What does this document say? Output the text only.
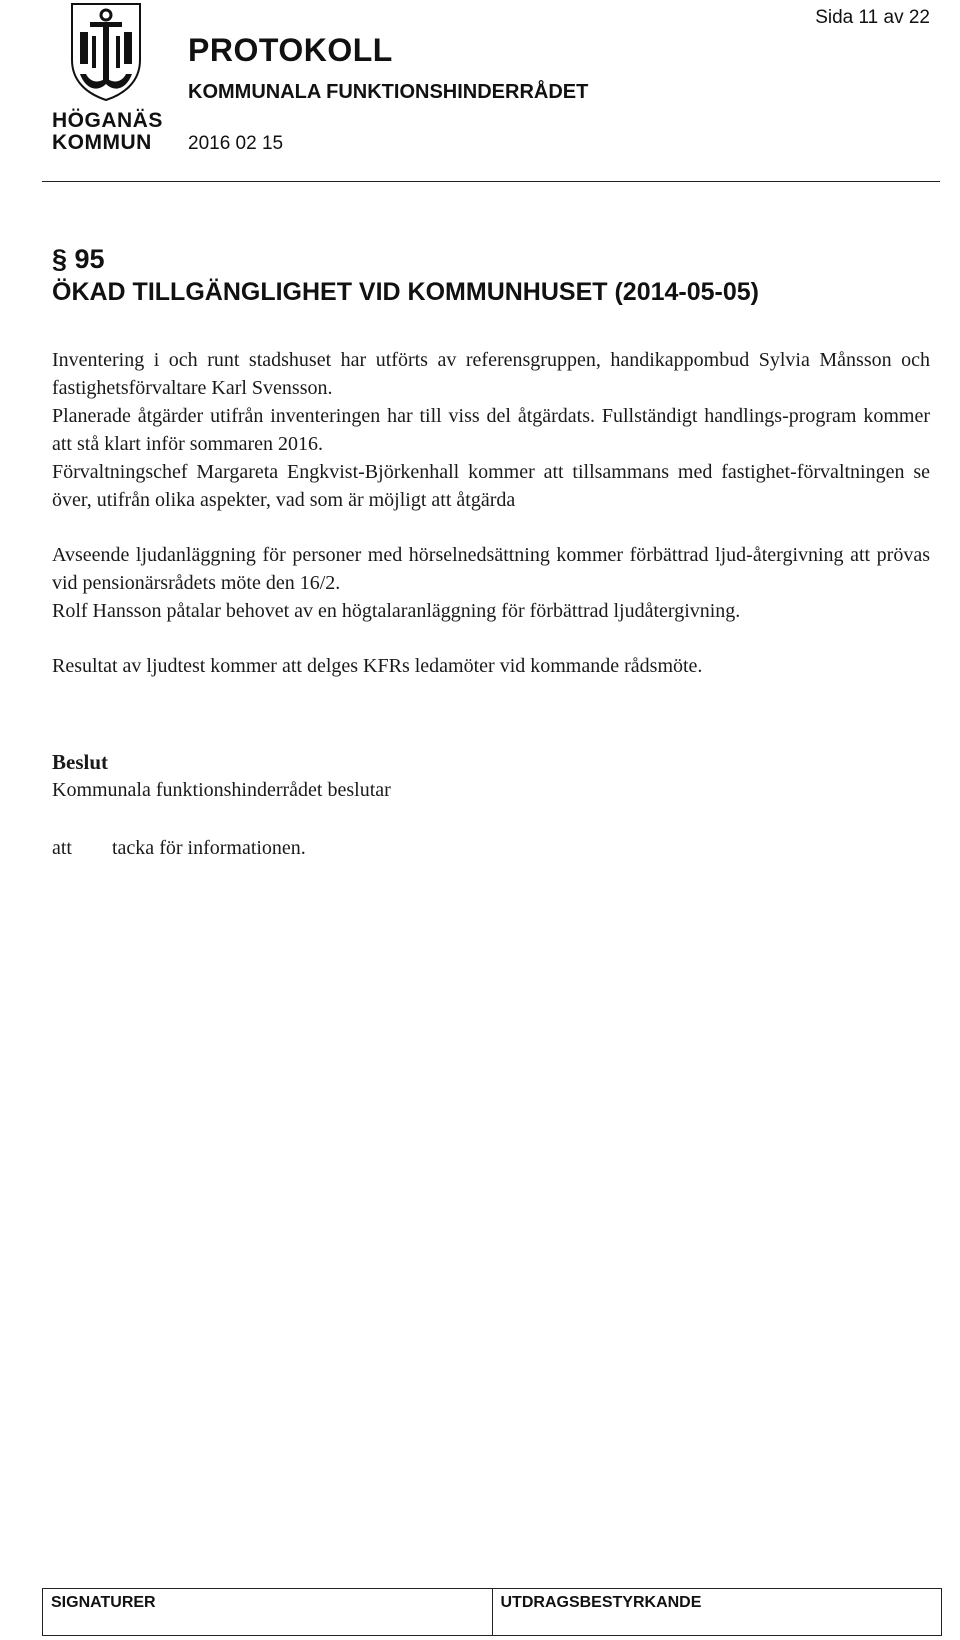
HÖGANÄS
KOMMUN
PROTOKOLL
KOMMUNALA FUNKTIONSHINDERRÅDET
2016 02 15
Sida 11 av 22
§ 95
ÖKAD TILLGÄNGLIGHET VID KOMMUNHUSET (2014-05-05)

Inventering i och runt stadshuset har utförts av referensgruppen, handikappombud Sylvia Månsson och fastighetsförvaltare Karl Svensson.

Planerade åtgärder utifrån inventeringen har till viss del åtgärdats. Fullständigt handlings-program kommer att stå klart inför sommaren 2016.

Förvaltningschef Margareta Engkvist-Björkenhall kommer att tillsammans med fastighet-förvaltningen se över, utifrån olika aspekter, vad som är möjligt att åtgärda

Avseende ljudanläggning för personer med hörselnedsättning kommer förbättrad ljud-återgivning att prövas vid pensionärsrådets möte den 16/2.

Rolf Hansson påtalar behovet av en högtalaranläggning för förbättrad ljudåtergivning.

Resultat av ljudtest kommer att delges KFRs ledamöter vid kommande rådsmöte.

Beslut
Kommunala funktionshinderrådet beslutar
att tacka för informationen.
SIGNATURER	UTDRAGSBESTYRKANDE
